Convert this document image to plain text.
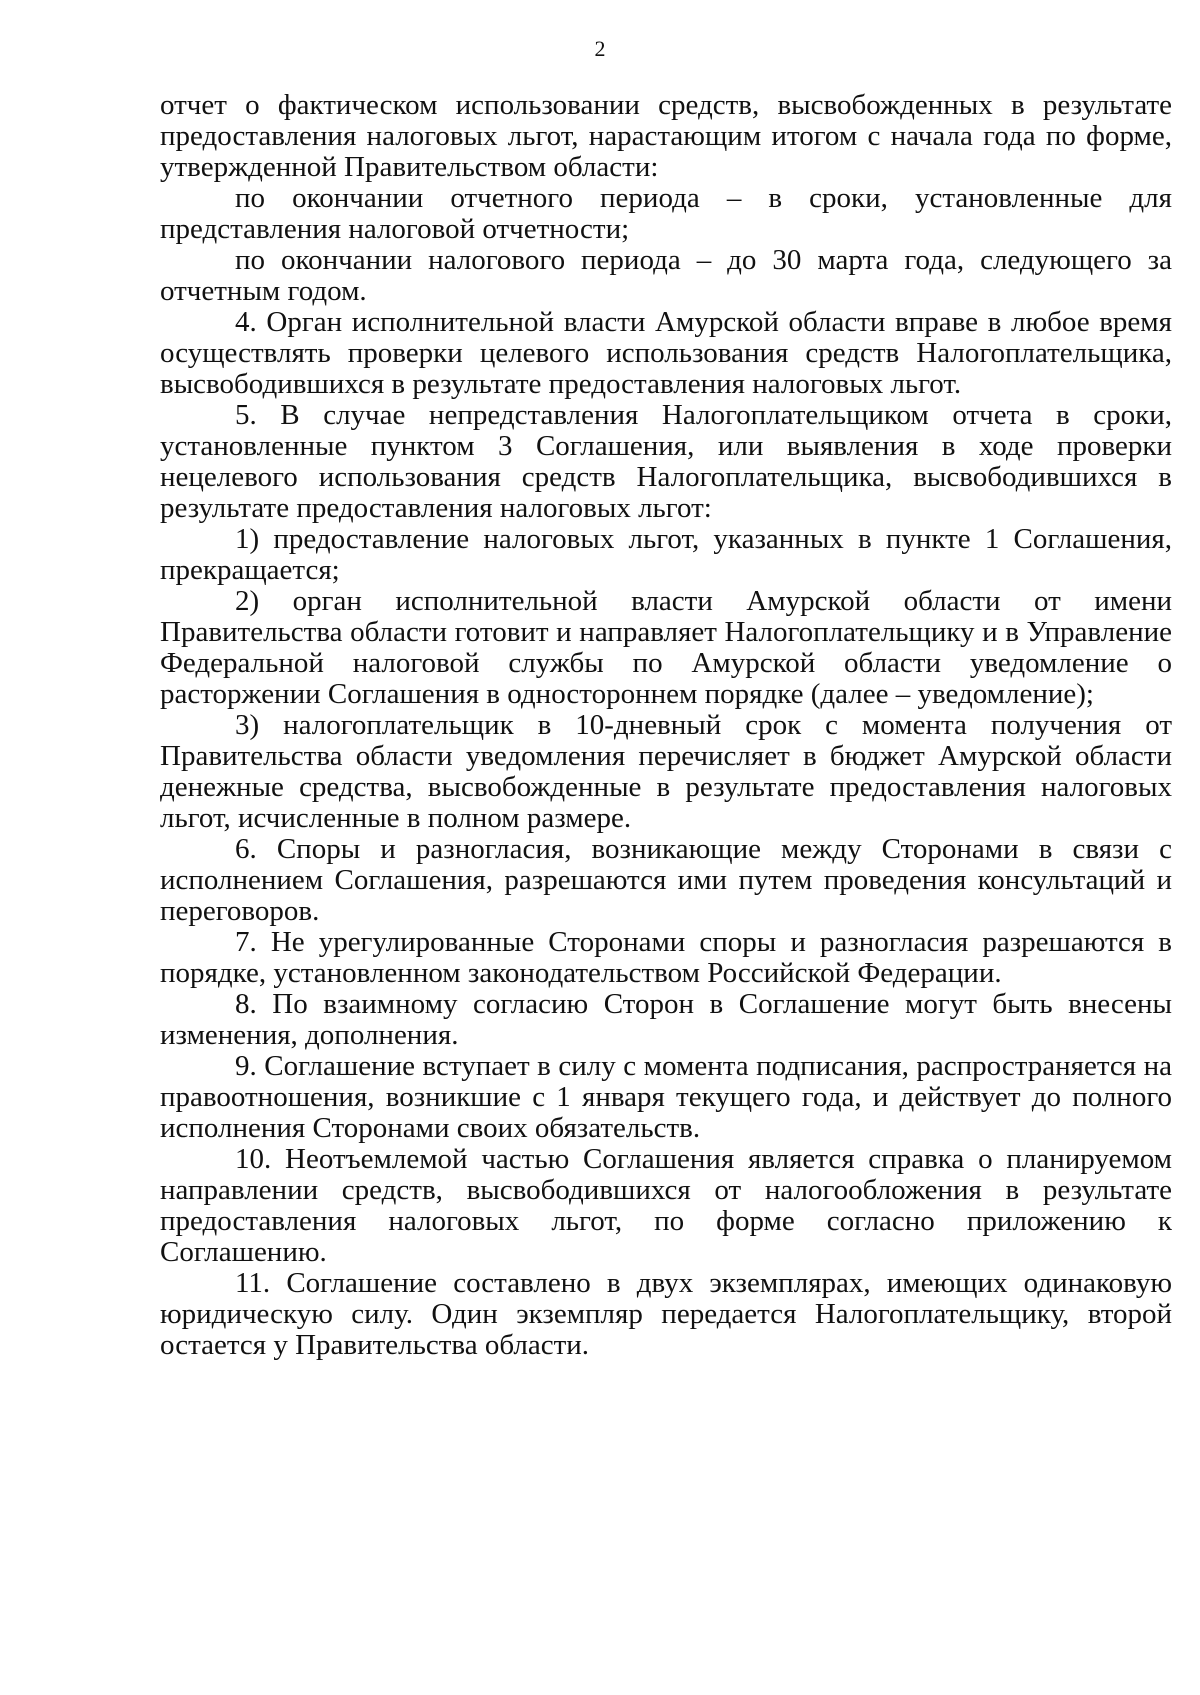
2

отчет о фактическом использовании средств, высвобожденных в результате предоставления налоговых льгот, нарастающим итогом с начала года по форме, утвержденной Правительством области:

по окончании отчетного периода – в сроки, установленные для представления налоговой отчетности;

по окончании налогового периода – до 30 марта года, следующего за отчетным годом.

4. Орган исполнительной власти Амурской области вправе в любое время осуществлять проверки целевого использования средств Налогоплательщика, высвободившихся в результате предоставления налоговых льгот.

5. В случае непредставления Налогоплательщиком отчета в сроки, установленные пунктом 3 Соглашения, или выявления в ходе проверки нецелевого использования средств Налогоплательщика, высвободившихся в результате предоставления налоговых льгот:

1) предоставление налоговых льгот, указанных в пункте 1 Соглашения, прекращается;

2) орган исполнительной власти Амурской области от имени Правительства области готовит и направляет Налогоплательщику и в Управление Федеральной налоговой службы по Амурской области уведомление о расторжении Соглашения в одностороннем порядке (далее – уведомление);

3) налогоплательщик в 10-дневный срок с момента получения от Правительства области уведомления перечисляет в бюджет Амурской области денежные средства, высвобожденные в результате предоставления налоговых льгот, исчисленные в полном размере.

6. Споры и разногласия, возникающие между Сторонами в связи с исполнением Соглашения, разрешаются ими путем проведения консультаций и переговоров.

7. Не урегулированные Сторонами споры и разногласия разрешаются в порядке, установленном законодательством Российской Федерации.

8. По взаимному согласию Сторон в Соглашение могут быть внесены изменения, дополнения.

9. Соглашение вступает в силу с момента подписания, распространяется на правоотношения, возникшие с 1 января текущего года, и действует до полного исполнения Сторонами своих обязательств.

10. Неотъемлемой частью Соглашения является справка о планируемом направлении средств, высвободившихся от налогообложения в результате предоставления налоговых льгот, по форме согласно приложению к Соглашению.

11. Соглашение составлено в двух экземплярах, имеющих одинаковую юридическую силу. Один экземпляр передается Налогоплательщику, второй остается у Правительства области.
